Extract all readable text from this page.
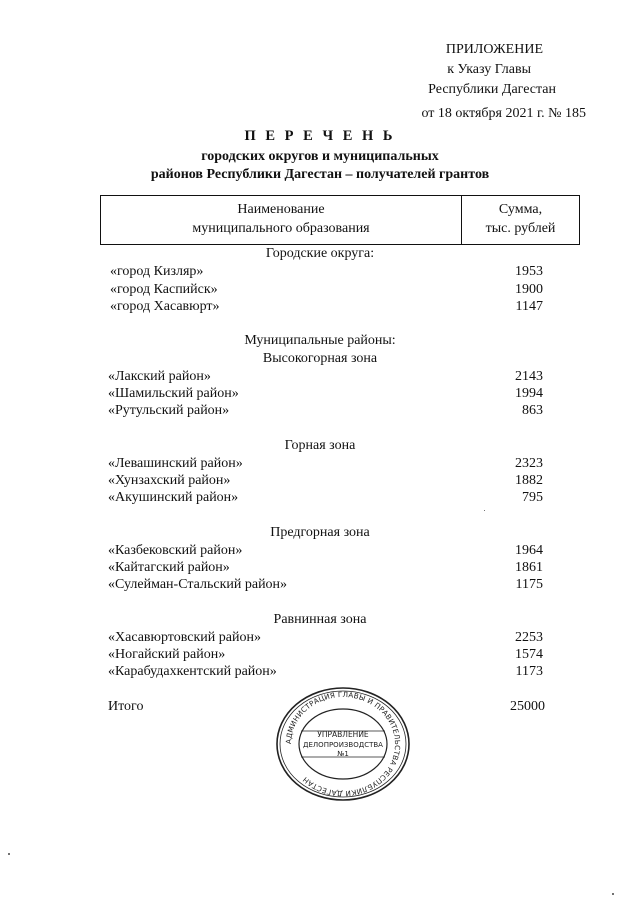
ПРИЛОЖЕНИЕ
к Указу Главы
Республики Дагестан
от 18 октября 2021 г. № 185
П Е Р Е Ч Е Н Ь
городских округов и муниципальных
районов Республики Дагестан – получателей грантов
Наименование
муниципального образования
Сумма,
тыс. рублей
Городские округа:
«город Кизляр»	1953
«город Каспийск»	1900
«город Хасавюрт»	1147
Муниципальные районы:
Высокогорная зона
«Лакский район»	2143
«Шамильский район»	1994
«Рутульский район»	863
Горная зона
«Левашинский район»	2323
«Хунзахский район»	1882
«Акушинский район»	795
Предгорная зона
«Казбековский район»	1964
«Кайтагский район»	1861
«Сулейман-Стальский район»	1175
Равнинная зона
«Хасавюртовский район»	2253
«Ногайский район»	1574
«Карабудахкентский район»	1173
Итого	25000
АДМИНИСТРАЦИЯ ГЛАВЫ И ПРАВИТЕЛЬСТВА РЕСПУБЛИКИ ДАГЕСТАН
УПРАВЛЕНИЕ
ДЕЛОПРОИЗВОДСТВА
№1
